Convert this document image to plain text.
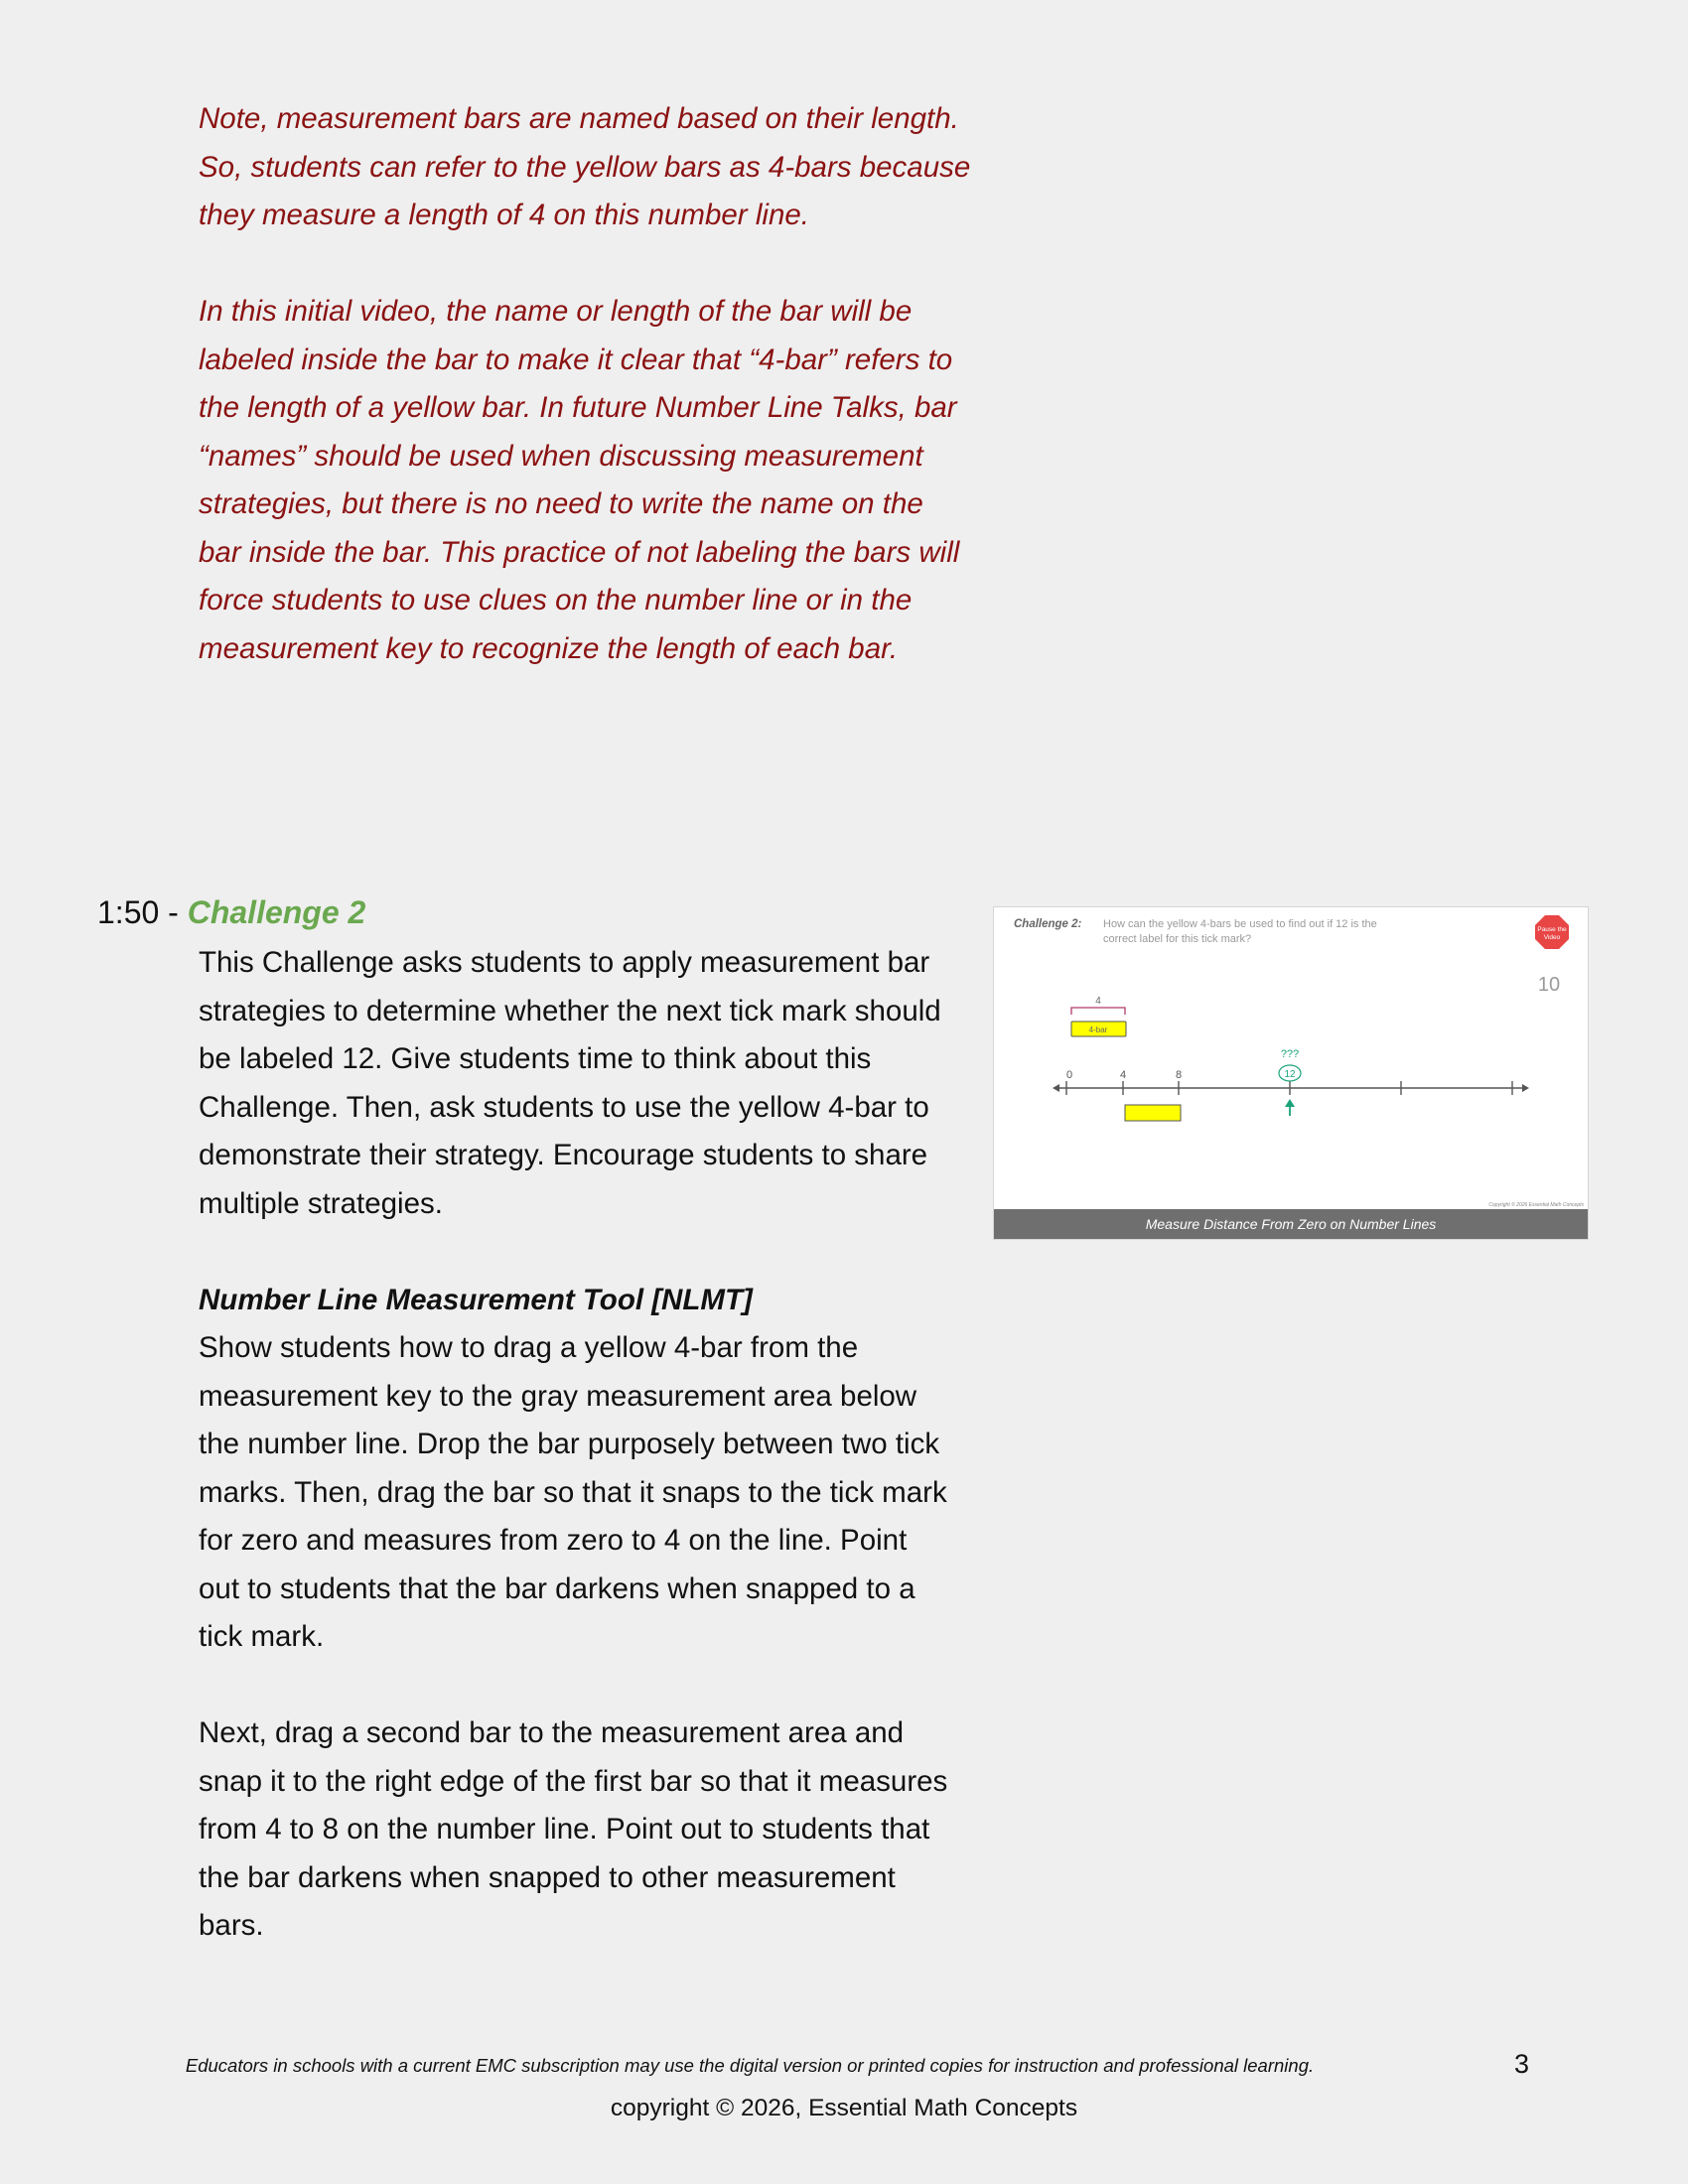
Note, measurement bars are named based on their length. So, students can refer to the yellow bars as 4-bars because they measure a length of 4 on this number line.

In this initial video, the name or length of the bar will be labeled inside the bar to make it clear that “4-bar” refers to the length of a yellow bar. In future Number Line Talks, bar “names” should be used when discussing measurement strategies, but there is no need to write the name on the bar inside the bar. This practice of not labeling the bars will force students to use clues on the number line or in the measurement key to recognize the length of each bar.

1:50 - Challenge 2

This Challenge asks students to apply measurement bar strategies to determine whether the next tick mark should be labeled 12. Give students time to think about this Challenge. Then, ask students to use the yellow 4-bar to demonstrate their strategy. Encourage students to share multiple strategies.

Number Line Measurement Tool [NLMT]

Show students how to drag a yellow 4-bar from the measurement key to the gray measurement area below the number line. Drop the bar purposely between two tick marks. Then, drag the bar so that it snaps to the tick mark for zero and measures from zero to 4 on the line. Point out to students that the bar darkens when snapped to a tick mark.

Next, drag a second bar to the measurement area and snap it to the right edge of the first bar so that it measures from 4 to 8 on the number line. Point out to students that the bar darkens when snapped to other measurement bars.

Challenge 2: How can the yellow 4-bars be used to find out if 12 is the
correct label for this tick mark?
Pause the
Video
10
4
4-bar
0	4	8
???
12
Copyright © 2026 Essential Math Concepts
Measure Distance From Zero on Number Lines
Educators in schools with a current EMC subscription may use the digital version or printed copies for instruction and professional learning.	3
copyright © 2026, Essential Math Concepts
